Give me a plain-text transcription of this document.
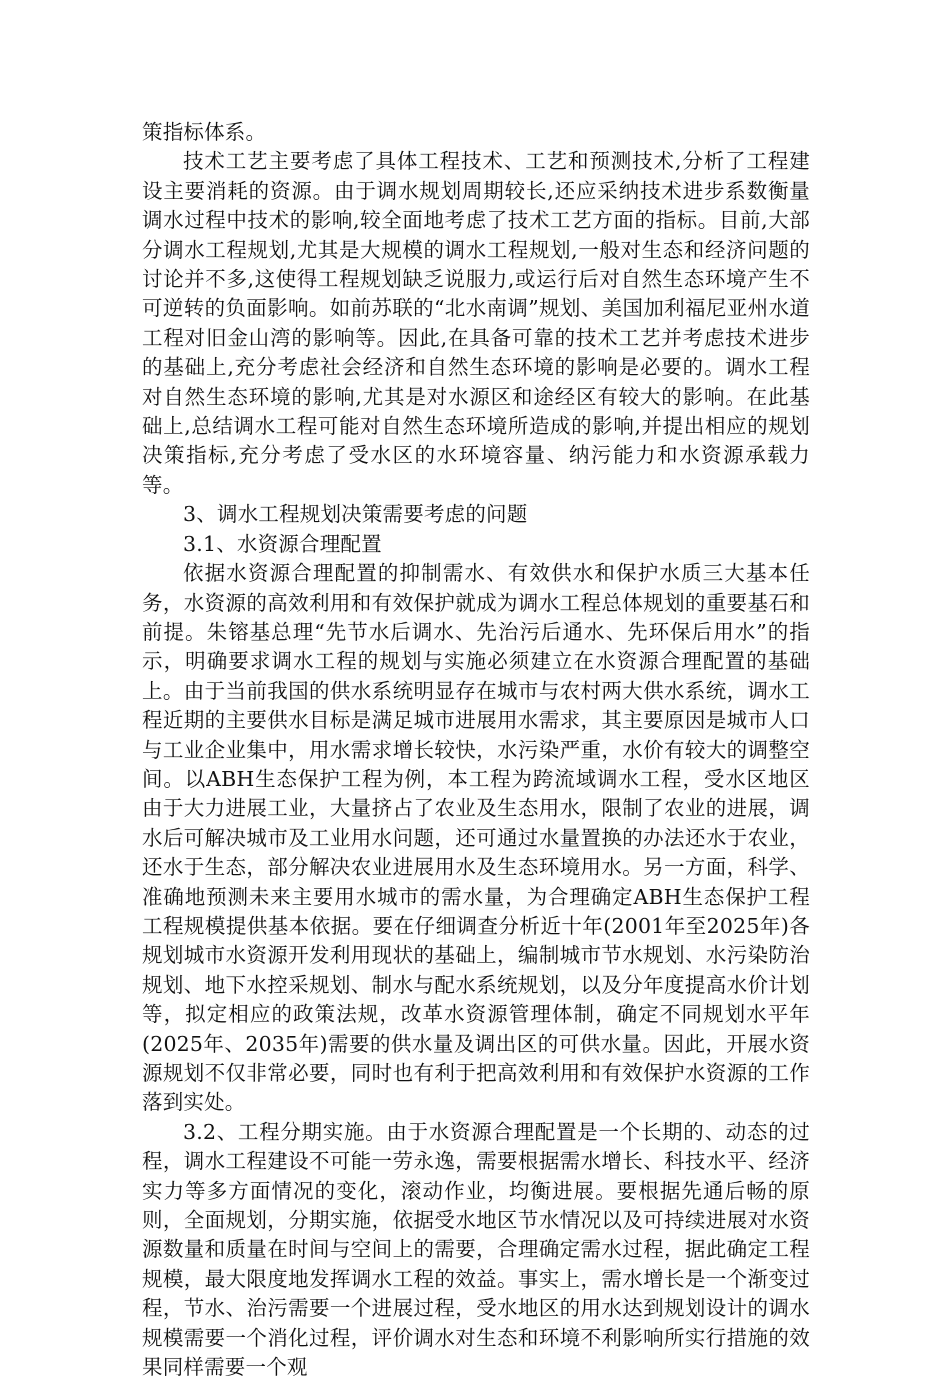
策指标体系。

技术工艺主要考虑了具体工程技术、工艺和预测技术,分析了工程建设主要消耗的资源。由于调水规划周期较长,还应采纳技术进步系数衡量调水过程中技术的影响,较全面地考虑了技术工艺方面的指标。目前,大部分调水工程规划,尤其是大规模的调水工程规划,一般对生态和经济问题的讨论并不多,这使得工程规划缺乏说服力,或运行后对自然生态环境产生不可逆转的负面影响。如前苏联的“北水南调”规划、美国加利福尼亚州水道工程对旧金山湾的影响等。因此,在具备可靠的技术工艺并考虑技术进步的基础上,充分考虑社会经济和自然生态环境的影响是必要的。调水工程对自然生态环境的影响,尤其是对水源区和途经区有较大的影响。在此基础上,总结调水工程可能对自然生态环境所造成的影响,并提出相应的规划决策指标,充分考虑了受水区的水环境容量、纳污能力和水资源承载力等。

3、调水工程规划决策需要考虑的问题

3.1、水资源合理配置

依据水资源合理配置的抑制需水、有效供水和保护水质三大基本任务，水资源的高效利用和有效保护就成为调水工程总体规划的重要基石和前提。朱镕基总理“先节水后调水、先治污后通水、先环保后用水”的指示，明确要求调水工程的规划与实施必须建立在水资源合理配置的基础上。由于当前我国的供水系统明显存在城市与农村两大供水系统，调水工程近期的主要供水目标是满足城市进展用水需求，其主要原因是城市人口与工业企业集中，用水需求增长较快，水污染严重，水价有较大的调整空间。以ABH生态保护工程为例，本工程为跨流域调水工程，受水区地区由于大力进展工业，大量挤占了农业及生态用水，限制了农业的进展，调水后可解决城市及工业用水问题，还可通过水量置换的办法还水于农业，还水于生态，部分解决农业进展用水及生态环境用水。另一方面，科学、准确地预测未来主要用水城市的需水量，为合理确定ABH生态保护工程工程规模提供基本依据。要在仔细调查分析近十年(2001年至2025年)各规划城市水资源开发利用现状的基础上，编制城市节水规划、水污染防治规划、地下水控采规划、制水与配水系统规划，以及分年度提高水价计划等，拟定相应的政策法规，改革水资源管理体制，确定不同规划水平年(2025年、2035年)需要的供水量及调出区的可供水量。因此，开展水资源规划不仅非常必要，同时也有利于把高效利用和有效保护水资源的工作落到实处。

3.2、工程分期实施。由于水资源合理配置是一个长期的、动态的过程，调水工程建设不可能一劳永逸，需要根据需水增长、科技水平、经济实力等多方面情况的变化，滚动作业，均衡进展。要根据先通后畅的原则，全面规划，分期实施，依据受水地区节水情况以及可持续进展对水资源数量和质量在时间与空间上的需要，合理确定需水过程，据此确定工程规模，最大限度地发挥调水工程的效益。事实上，需水增长是一个渐变过程，节水、治污需要一个进展过程，受水地区的用水达到规划设计的调水规模需要一个消化过程，评价调水对生态和环境不利影响所实行措施的效果同样需要一个观
